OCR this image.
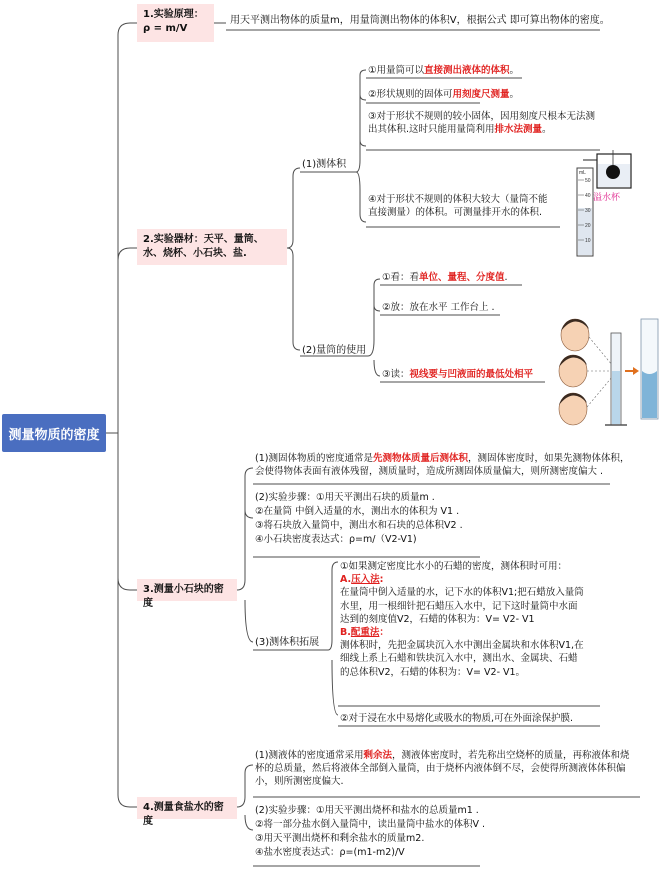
测量物质的密度
1.实验原理：
ρ = m/V
用天平测出物体的质量m，用量筒测出物体的体积V，根据公式 即可算出物体的密度。
2.实验器材：天平、量筒、
水、烧杯、小石块、盐.
(1)测体积
①用量筒可以直接测出液体的体积。
②形状规则的固体可用刻度尺测量。
③对于形状不规则的较小固体，因用刻度尺根本无法测
出其体积.这时只能用量筒利用排水法测量。
④对于形状不规则的体积大较大（量筒不能
直接测量）的体积。可测量排开水的体积.
溢水杯
mL
50
40
30
20
10
(2)量筒的使用
①看：看单位、量程、分度值.
②放：放在水平 工作台上 .
③读：视线要与凹液面的最低处相平
3.测量小石块的密度
(1)测固体物质的密度通常是先测物体质量后测体积，测固体密度时，如果先测物体体积，
会使得物体表面有液体残留，测质量时，造成所测固体质量偏大，则所测密度偏大 .
(2)实验步骤：①用天平测出石块的质量m .
②在量筒 中倒入适量的水，测出水的体积为 V1 .
③将石块放入量筒中，测出水和石块的总体积V2 .
④小石块密度表达式：ρ=m/（V2-V1)
(3)测体积拓展
①如果测定密度比水小的石蜡的密度，测体积时可用：
A.压入法:
在量筒中倒入适量的水，记下水的体积V1;把石蜡放入量筒
水里，用一根细针把石蜡压入水中，记下这时量筒中水面
达到的刻度值V2，石蜡的体积为：V= V2- V1
B.配重法：
测体积时，先把金属块沉入水中测出金属块和水体积V1,在
细线上系上石蜡和铁块沉入水中，测出水、金属块、石蜡
的总体积V2，石蜡的体积为：V= V2- V1。
②对于浸在水中易熔化或吸水的物质,可在外面涂保护膜.
4.测量食盐水的密度
(1)测液体的密度通常采用剩余法，测液体密度时，若先称出空烧杯的质量，再称液体和烧
杯的总质量，然后将液体全部倒入量筒，由于烧杯内液体倒不尽，会使得所测液体体积偏
小，则所测密度偏大.
(2)实验步骤：①用天平测出烧杯和盐水的总质量m1 .
②将一部分盐水倒入量筒中，读出量筒中盐水的体积V .
③用天平测出烧杯和剩余盐水的质量m2.
④盐水密度表达式：ρ=(m1-m2)/V
